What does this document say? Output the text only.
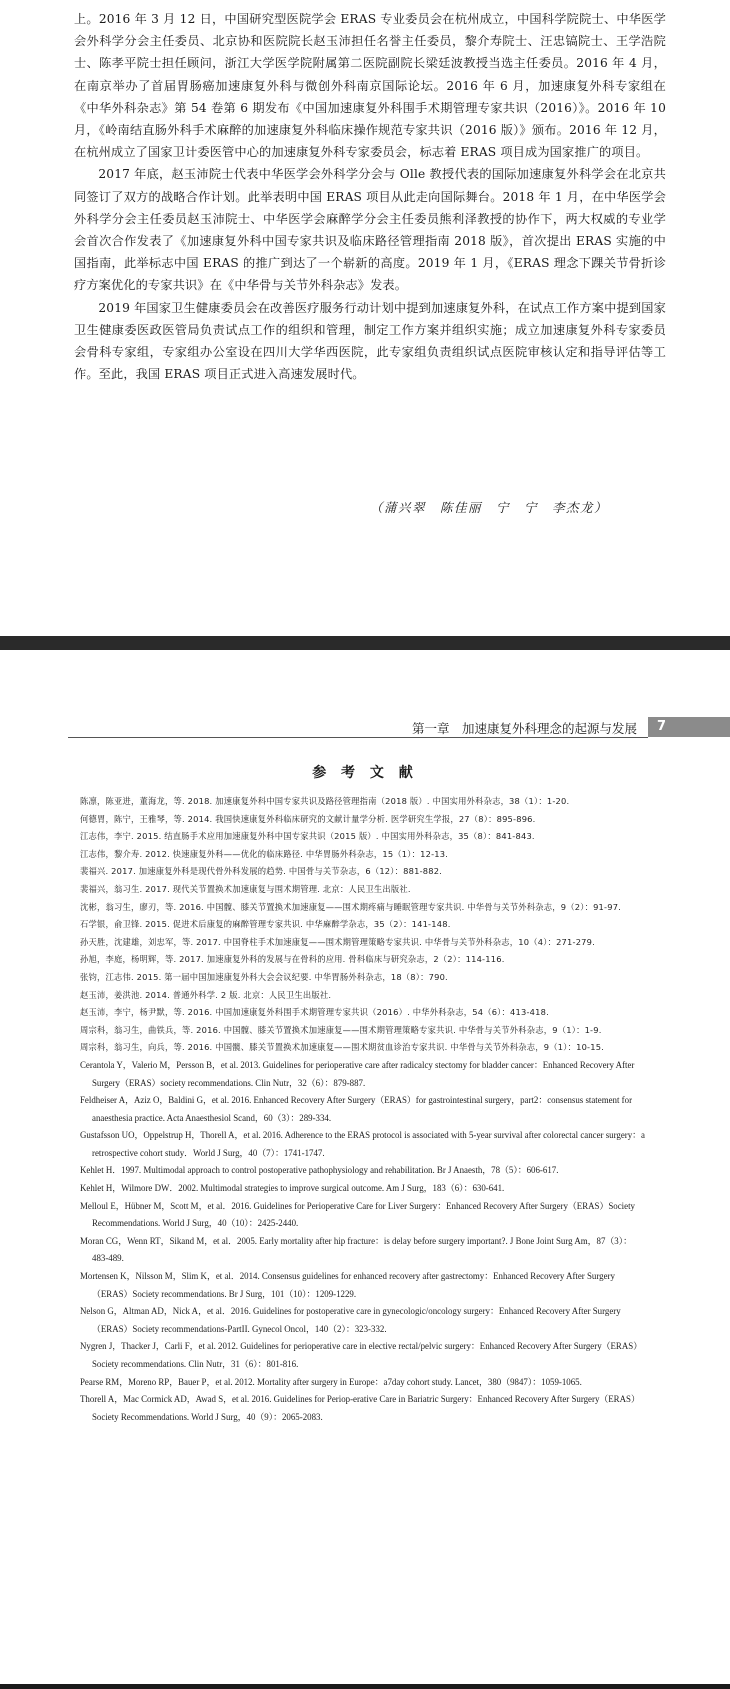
上。2016 年 3 月 12 日，中国研究型医院学会 ERAS 专业委员会在杭州成立，中国科学院院士、中华医学会外科学分会主任委员、北京协和医院院长赵玉沛担任名誉主任委员，黎介寿院士、汪忠镐院士、王学浩院士、陈孝平院士担任顾问，浙江大学医学院附属第二医院副院长梁廷波教授当选主任委员。2016 年 4 月，在南京举办了首届胃肠癌加速康复外科与微创外科南京国际论坛。2016 年 6 月，加速康复外科专家组在《中华外科杂志》第 54 卷第 6 期发布《中国加速康复外科围手术期管理专家共识（2016）》。2016 年 10 月，《岭南结直肠外科手术麻醉的加速康复外科临床操作规范专家共识（2016 版）》颁布。2016 年 12 月，在杭州成立了国家卫计委医管中心的加速康复外科专家委员会，标志着 ERAS 项目成为国家推广的项目。

2017 年底，赵玉沛院士代表中华医学会外科学分会与 Olle 教授代表的国际加速康复外科学会在北京共同签订了双方的战略合作计划。此举表明中国 ERAS 项目从此走向国际舞台。2018 年 1 月，在中华医学会外科学分会主任委员赵玉沛院士、中华医学会麻醉学分会主任委员熊利泽教授的协作下，两大权威的专业学会首次合作发表了《加速康复外科中国专家共识及临床路径管理指南 2018 版》，首次提出 ERAS 实施的中国指南，此举标志中国 ERAS 的推广到达了一个崭新的高度。2019 年 1 月，《ERAS 理念下踝关节骨折诊疗方案优化的专家共识》在《中华骨与关节外科杂志》发表。

2019 年国家卫生健康委员会在改善医疗服务行动计划中提到加速康复外科，在试点工作方案中提到国家卫生健康委医政医管局负责试点工作的组织和管理，制定工作方案并组织实施；成立加速康复外科专家委员会骨科专家组，专家组办公室设在四川大学华西医院，此专家组负责组织试点医院审核认定和指导评估等工作。至此，我国 ERAS 项目正式进入高速发展时代。

（蒲兴翠　陈佳丽　宁　宁　李杰龙）
第一章　加速康复外科理念的起源与发展	7
参 考 文 献
陈凛，陈亚进，董海龙，等. 2018. 加速康复外科中国专家共识及路径管理指南（2018 版）. 中国实用外科杂志，38（1）：1-20.
何德胃，陈宁，王雅琴，等. 2014. 我国快速康复外科临床研究的文献计量学分析. 医学研究生学报，27（8）：895-896.
江志伟，李宁. 2015. 结直肠手术应用加速康复外科中国专家共识（2015 版）. 中国实用外科杂志，35（8）：841-843.
江志伟，黎介寿. 2012. 快速康复外科——优化的临床路径. 中华胃肠外科杂志，15（1）：12-13.
裴福兴. 2017. 加速康复外科是现代骨外科发展的趋势. 中国骨与关节杂志，6（12）：881-882.
裴福兴，翁习生. 2017. 现代关节置换术加速康复与围术期管理. 北京：人民卫生出版社.
沈彬，翁习生，廖刃，等. 2016. 中国髋、膝关节置换术加速康复——围术期疼痛与睡眠管理专家共识. 中华骨与关节外科杂志，9（2）：91-97.
石学银，俞卫锋. 2015. 促进术后康复的麻醉管理专家共识. 中华麻醉学杂志，35（2）：141-148.
孙天胜，沈建雄，刘忠军，等. 2017. 中国脊柱手术加速康复——围术期管理策略专家共识. 中华骨与关节外科杂志，10（4）：271-279.
孙旭，李庭，杨明辉，等. 2017. 加速康复外科的发展与在骨科的应用. 骨科临床与研究杂志，2（2）：114-116.
张钧，江志伟. 2015. 第一届中国加速康复外科大会会议纪要. 中华胃肠外科杂志，18（8）：790.
赵玉沛，姜洪池. 2014. 普通外科学. 2 版. 北京：人民卫生出版社.
赵玉沛，李宁，杨尹默，等. 2016. 中国加速康复外科围手术期管理专家共识（2016）. 中华外科杂志，54（6）：413-418.
周宗科，翁习生，曲铁兵，等. 2016. 中国髋、膝关节置换术加速康复——围术期管理策略专家共识. 中华骨与关节外科杂志，9（1）：1-9.
周宗科，翁习生，向兵，等. 2016. 中国髋、膝关节置换术加速康复——围术期贫血诊治专家共识. 中华骨与关节外科杂志，9（1）：10-15.
Cerantola Y，Valerio M，Persson B，et al. 2013. Guidelines for perioperative care after radicalcy stectomy for bladder cancer：Enhanced Recovery After Surgery（ERAS）society recommendations. Clin Nutr，32（6）：879-887.
Feldheiser A，Aziz O，Baldini G，et al. 2016. Enhanced Recovery After Surgery（ERAS）for gastrointestinal surgery，part2：consensus statement for anaesthesia practice. Acta Anaesthesiol Scand，60（3）：289-334.
Gustafsson UO，Oppelstrup H，Thorell A，et al. 2016. Adherence to the ERAS protocol is associated with 5-year survival after colorectal cancer surgery：a retrospective cohort study．World J Surg，40（7）：1741-1747.
Kehlet H．1997. Multimodal approach to control postoperative pathophysiology and rehabilitation. Br J Anaesth，78（5）：606-617.
Kehlet H，Wilmore DW．2002. Multimodal strategies to improve surgical outcome. Am J Surg，183（6）：630-641.
Melloul E，Hübner M，Scott M，et al．2016. Guidelines for Perioperative Care for Liver Surgery：Enhanced Recovery After Surgery（ERAS）Society Recommendations. World J Surg，40（10）：2425-2440.
Moran CG，Wenn RT，Sikand M，et al．2005. Early mortality after hip fracture：is delay before surgery important?. J Bone Joint Surg Am，87（3）：483-489.
Mortensen K，Nilsson M，Slim K，et al．2014. Consensus guidelines for enhanced recovery after gastrectomy：Enhanced Recovery After Surgery（ERAS）Society recommendations. Br J Surg，101（10）：1209-1229.
Nelson G，Altman AD，Nick A，et al．2016. Guidelines for postoperative care in gynecologic/oncology surgery：Enhanced Recovery After Surgery（ERAS）Society recommendations-PartII. Gynecol Oncol，140（2）：323-332.
Nygren J，Thacker J，Carli F，et al. 2012. Guidelines for perioperative care in elective rectal/pelvic surgery：Enhanced Recovery After Surgery（ERAS）Society recommendations. Clin Nutr，31（6）：801-816.
Pearse RM，Moreno RP，Bauer P，et al. 2012. Mortality after surgery in Europe：a7day cohort study. Lancet，380（9847）：1059-1065.
Thorell A，Mac Cormick AD，Awad S，et al. 2016. Guidelines for Periop-erative Care in Bariatric Surgery：Enhanced Recovery After Surgery（ERAS）Society Recommendations. World J Surg，40（9）：2065-2083.
